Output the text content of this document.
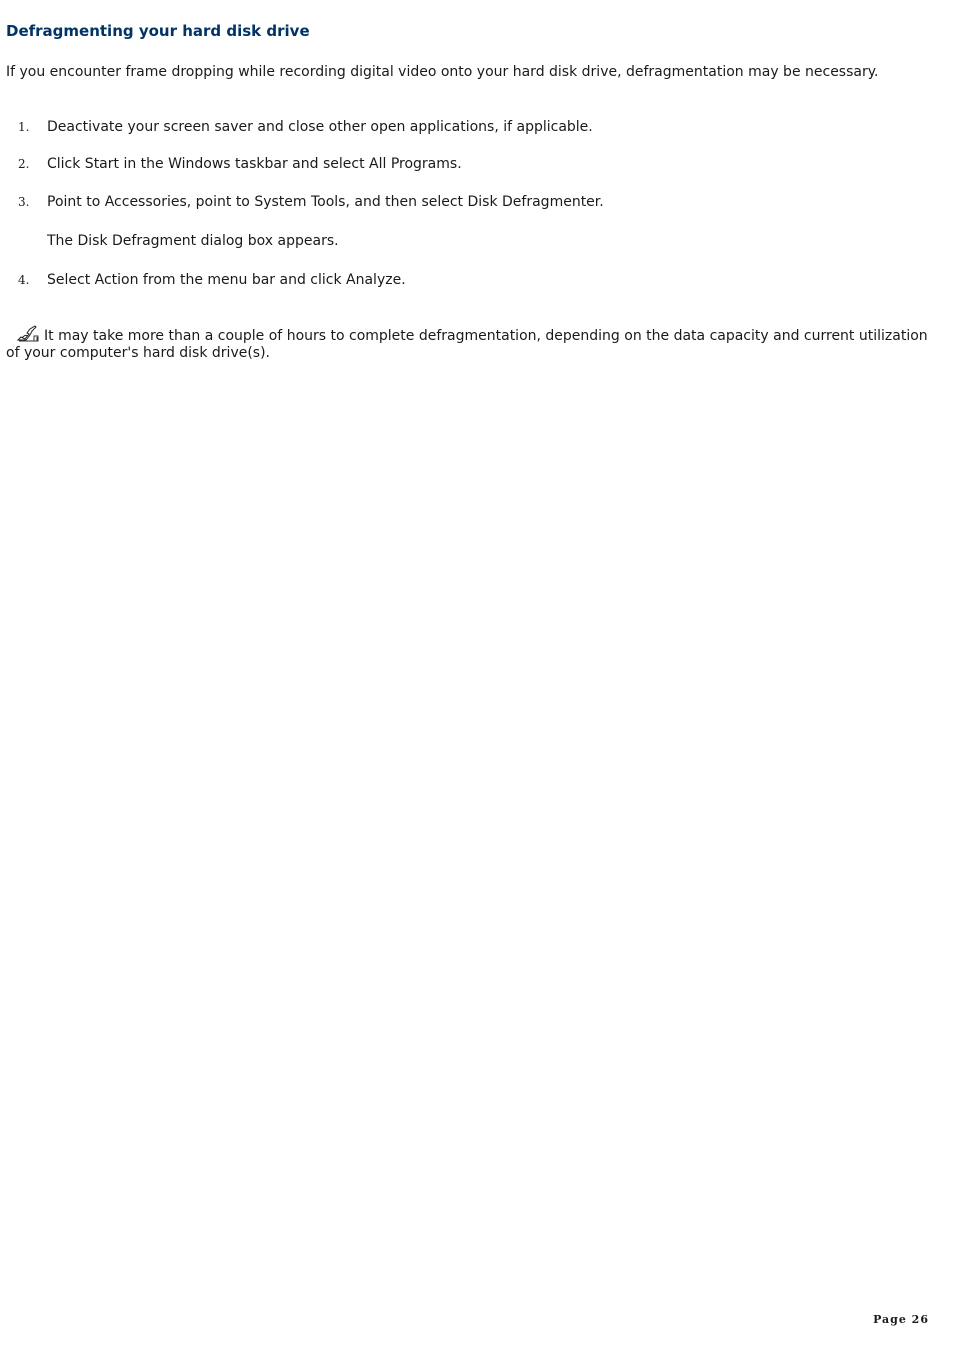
Defragmenting your hard disk drive

If you encounter frame dropping while recording digital video onto your hard disk drive, defragmentation may be necessary.

1. Deactivate your screen saver and close other open applications, if applicable.
2. Click Start in the Windows taskbar and select All Programs.
3. Point to Accessories, point to System Tools, and then select Disk Defragmenter.
The Disk Defragment dialog box appears.
4. Select Action from the menu bar and click Analyze.

It may take more than a couple of hours to complete defragmentation, depending on the data capacity and current utilization of your computer's hard disk drive(s).

Page 26
